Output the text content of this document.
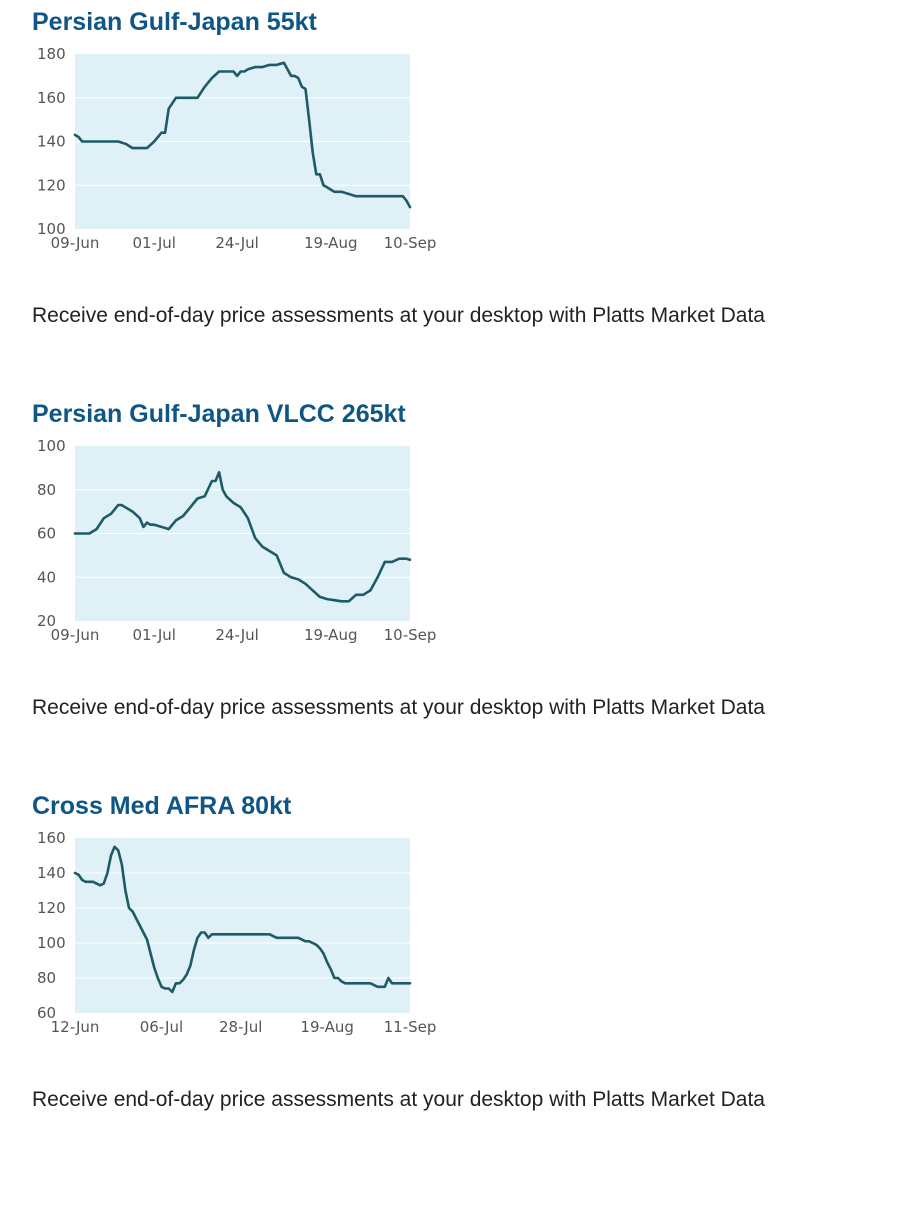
Persian Gulf-Japan 55kt
100
120
140
160
180
09-Jun 01-Jul	24-Jul	19-Aug 10-Sep

Receive end-of-day price assessments at your desktop with Platts Market Data

Persian Gulf-Japan VLCC 265kt
20
40
60
80
100
09-Jun 01-Jul	24-Jul	19-Aug 10-Sep

Receive end-of-day price assessments at your desktop with Platts Market Data

Cross Med AFRA 80kt
60
80
100
120
140
160
12-Jun	06-Jul 28-Jul	19-Aug 11-Sep

Receive end-of-day price assessments at your desktop with Platts Market Data
